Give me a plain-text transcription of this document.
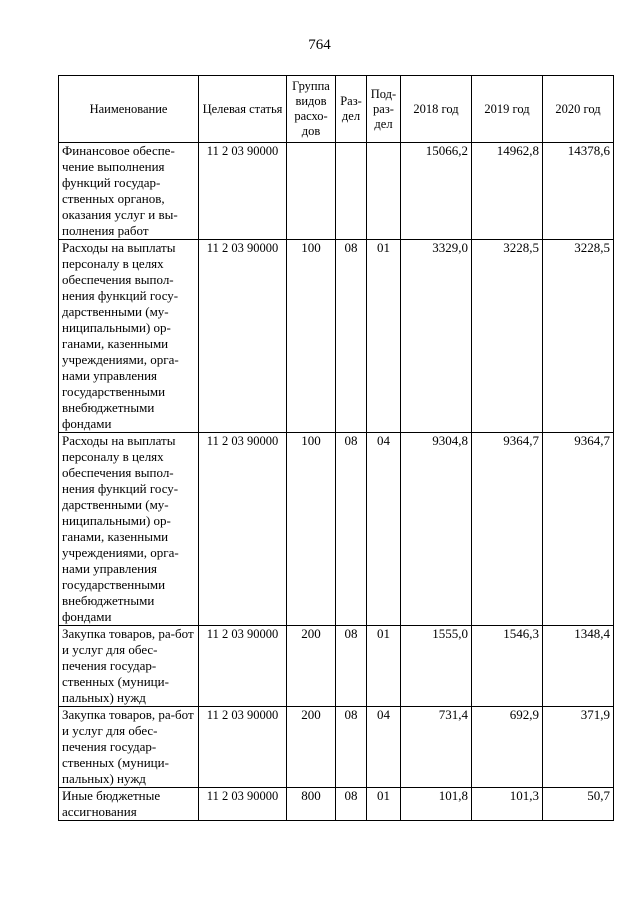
764
Наименование	Целевая статья	Группа видов расхо-дов	Раз-дел	Под-раз-дел	2018 год	2019 год	2020 год
Финансовое обеспе-чение выполнения функций государ-ственных органов, оказания услуг и вы-полнения работ	11 2 03 90000				15066,2	14962,8	14378,6
Расходы на выплаты персоналу в целях обеспечения выпол-нения функций госу-дарственными (му-ниципальными) ор-ганами, казенными учреждениями, орга-нами управления государственными внебюджетными фондами	11 2 03 90000	100	08	01	3329,0	3228,5	3228,5
Расходы на выплаты персоналу в целях обеспечения выпол-нения функций госу-дарственными (му-ниципальными) ор-ганами, казенными учреждениями, орга-нами управления государственными внебюджетными фондами	11 2 03 90000	100	08	04	9304,8	9364,7	9364,7
Закупка товаров, ра-бот и услуг для обес-печения государ-ственных (муници-пальных) нужд	11 2 03 90000	200	08	01	1555,0	1546,3	1348,4
Закупка товаров, ра-бот и услуг для обес-печения государ-ственных (муници-пальных) нужд	11 2 03 90000	200	08	04	731,4	692,9	371,9
Иные бюджетные ассигнования	11 2 03 90000	800	08	01	101,8	101,3	50,7
